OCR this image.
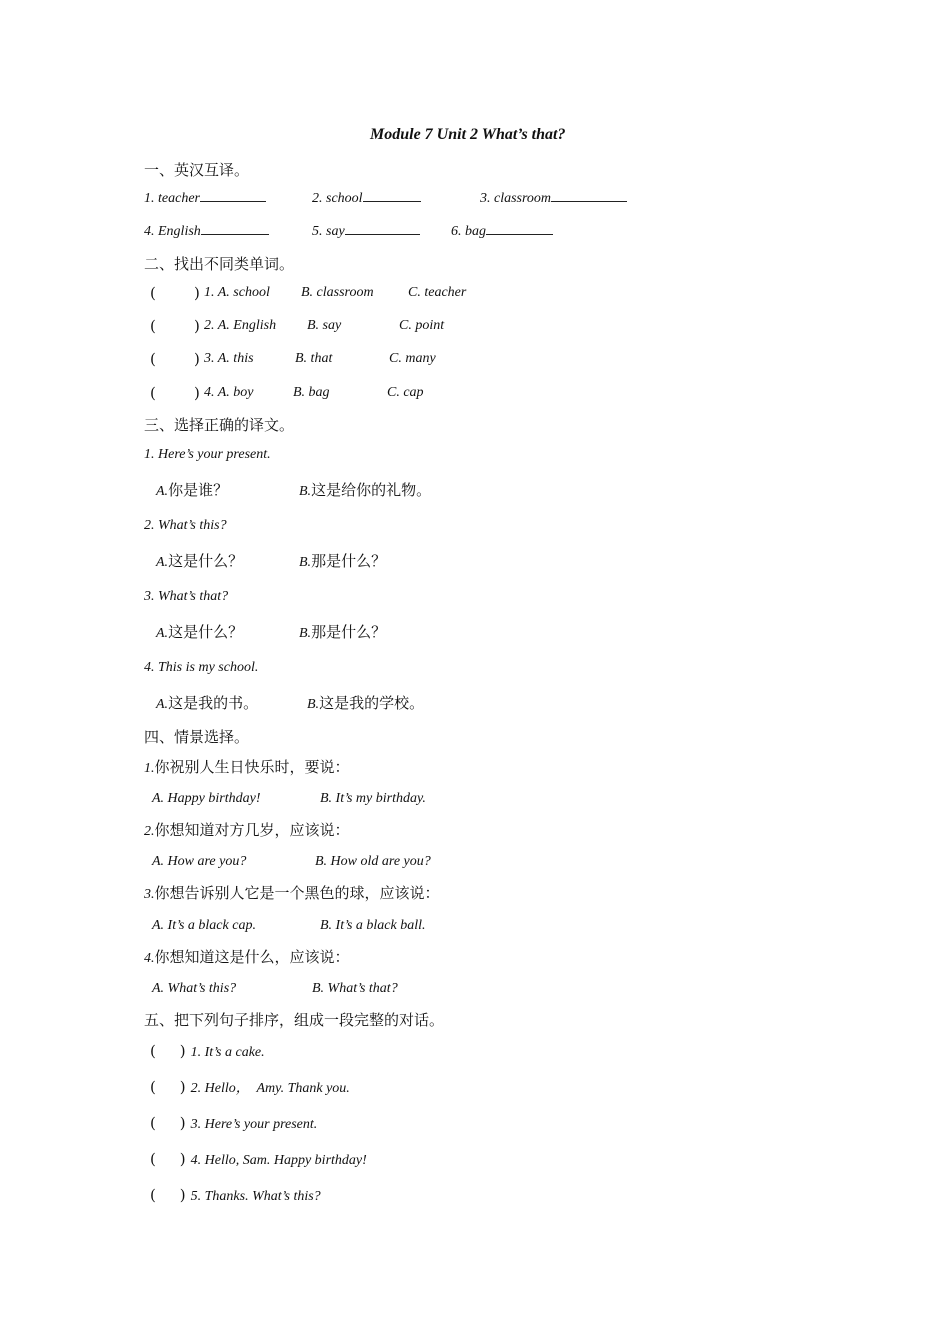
Module 7 Unit 2 What’s that?
一、英汉互译。
1. teacher	2. school	3. classroom
4. English	5. say	6. bag
二、找出不同类单词。
(        ) 1. A. school B. classroom C. teacher
(        ) 2. A. English B. say	C. point
(        ) 3. A. this	B. that	C. many
(        ) 4. A. boy	B. bag	C. cap
三、选择正确的译文。
1. Here’s your present.
A.你是谁？	B.这是给你的礼物。
2. What’s this?
A.这是什么？	B.那是什么？
3. What’s that?
A.这是什么？	B.那是什么？
4. This is my school.
A.这是我的书。	B.这是我的学校。
四、情景选择。
1.你祝别人生日快乐时，要说：
A. Happy birthday!	B. It’s my birthday.
2.你想知道对方几岁，应该说：
A. How are you?	B. How old are you?
3.你想告诉别人它是一个黑色的球，应该说：
A. It’s a black cap.	B. It’s a black ball.
4.你想知道这是什么，应该说：
A. What’s this?	B. What’s that?
五、把下列句子排序，组成一段完整的对话。
(     ) 1. It’s a cake.
(     ) 2. Hello，  Amy. Thank you.
(     ) 3. Here’s your present.
(     ) 4. Hello, Sam. Happy birthday!
(     ) 5. Thanks. What’s this?
